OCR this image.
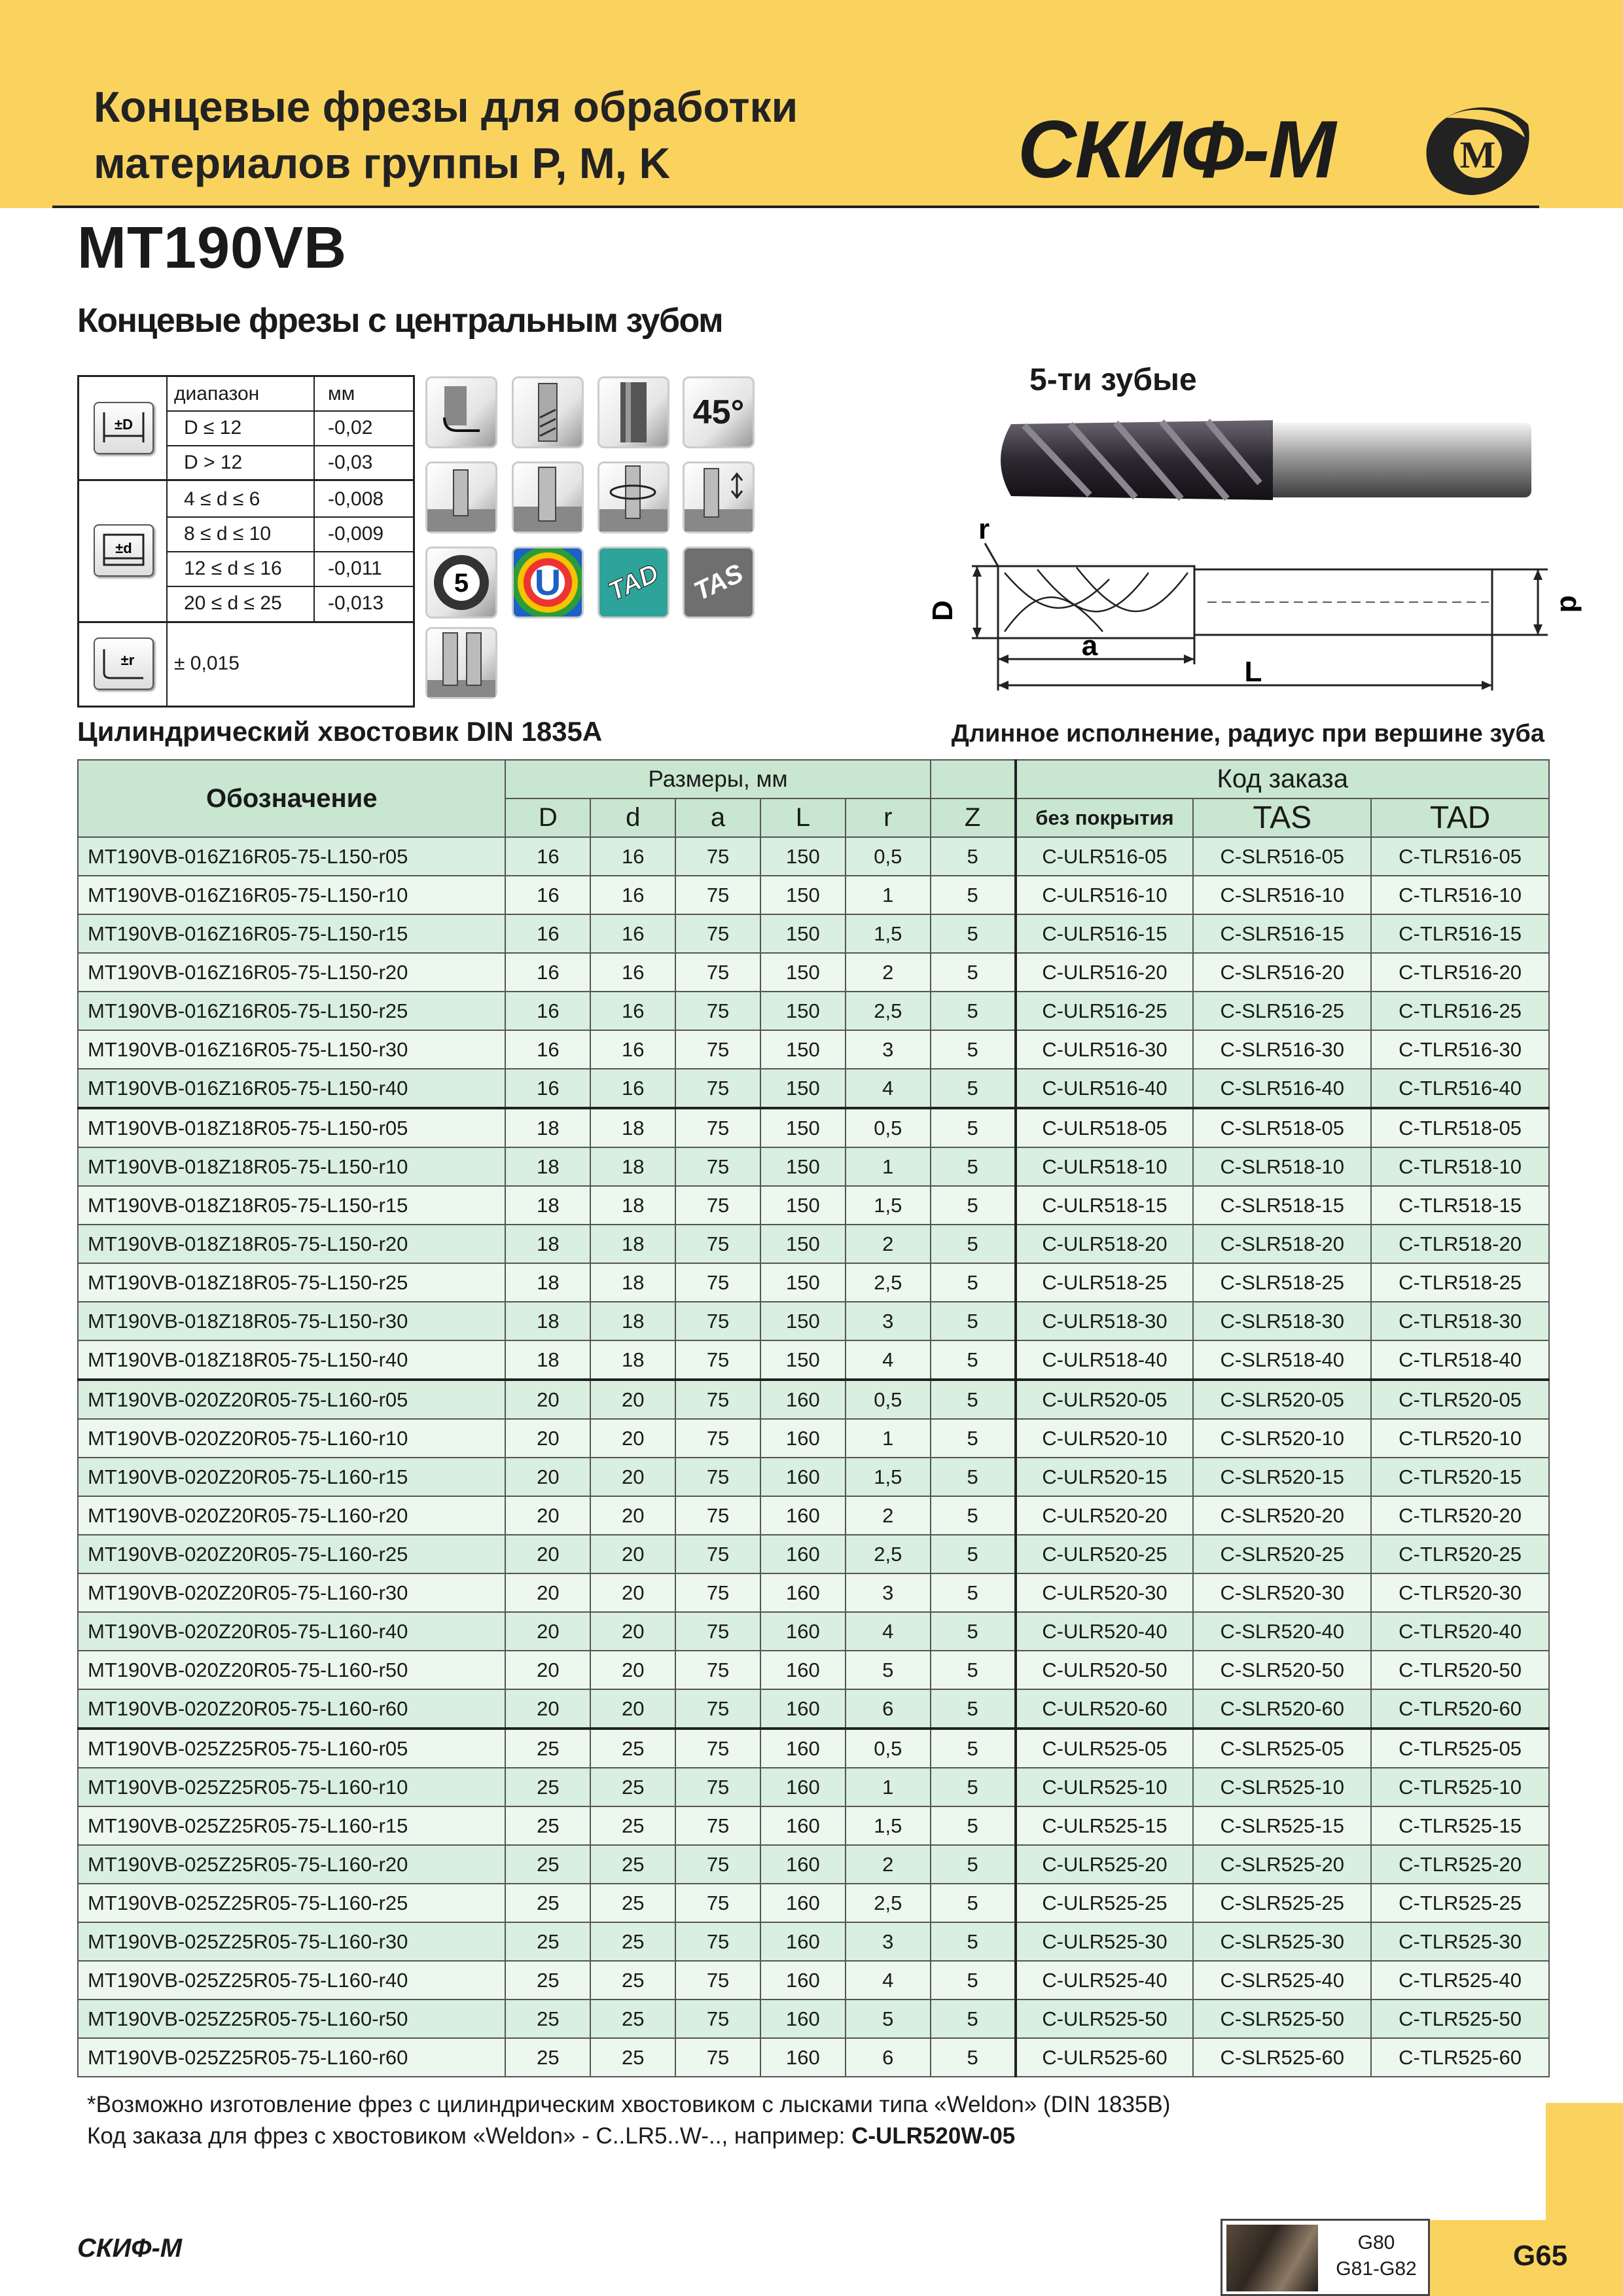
Концевые фрезы для обработки
материалов группы P, M, K	СКИФ-М	M
MT190VB
Концевые фрезы с центральным зубом
±D
диапазон	мм
D ≤ 12	-0,02
D > 12	-0,03
±d
4 ≤ d ≤ 6	-0,008
8 ≤ d ≤ 10	-0,009
12 ≤ d ≤ 16 -0,011
20 ≤ d ≤ 25 -0,013
±r ± 0,015
45°
5	U	TAD	TAS
5-ти зубые
D	d
r
a
L
Цилиндрический хвостовик DIN 1835A	Длинное исполнение, радиус при вершине зуба
Обозначение	Размеры, мм						Код заказа		
	D	d	a	L	r	Z	без покрытия	TAS	TAD
MT190VB-016Z16R05-75-L150-r05	16	16	75	150	0,5	5	C-ULR516-05	C-SLR516-05	C-TLR516-05
MT190VB-016Z16R05-75-L150-r10	16	16	75	150	1	5	C-ULR516-10	C-SLR516-10	C-TLR516-10
MT190VB-016Z16R05-75-L150-r15	16	16	75	150	1,5	5	C-ULR516-15	C-SLR516-15	C-TLR516-15
MT190VB-016Z16R05-75-L150-r20	16	16	75	150	2	5	C-ULR516-20	C-SLR516-20	C-TLR516-20
MT190VB-016Z16R05-75-L150-r25	16	16	75	150	2,5	5	C-ULR516-25	C-SLR516-25	C-TLR516-25
MT190VB-016Z16R05-75-L150-r30	16	16	75	150	3	5	C-ULR516-30	C-SLR516-30	C-TLR516-30
MT190VB-016Z16R05-75-L150-r40	16	16	75	150	4	5	C-ULR516-40	C-SLR516-40	C-TLR516-40
MT190VB-018Z18R05-75-L150-r05	18	18	75	150	0,5	5	C-ULR518-05	C-SLR518-05	C-TLR518-05
MT190VB-018Z18R05-75-L150-r10	18	18	75	150	1	5	C-ULR518-10	C-SLR518-10	C-TLR518-10
MT190VB-018Z18R05-75-L150-r15	18	18	75	150	1,5	5	C-ULR518-15	C-SLR518-15	C-TLR518-15
MT190VB-018Z18R05-75-L150-r20	18	18	75	150	2	5	C-ULR518-20	C-SLR518-20	C-TLR518-20
MT190VB-018Z18R05-75-L150-r25	18	18	75	150	2,5	5	C-ULR518-25	C-SLR518-25	C-TLR518-25
MT190VB-018Z18R05-75-L150-r30	18	18	75	150	3	5	C-ULR518-30	C-SLR518-30	C-TLR518-30
MT190VB-018Z18R05-75-L150-r40	18	18	75	150	4	5	C-ULR518-40	C-SLR518-40	C-TLR518-40
MT190VB-020Z20R05-75-L160-r05	20	20	75	160	0,5	5	C-ULR520-05	C-SLR520-05	C-TLR520-05
MT190VB-020Z20R05-75-L160-r10	20	20	75	160	1	5	C-ULR520-10	C-SLR520-10	C-TLR520-10
MT190VB-020Z20R05-75-L160-r15	20	20	75	160	1,5	5	C-ULR520-15	C-SLR520-15	C-TLR520-15
MT190VB-020Z20R05-75-L160-r20	20	20	75	160	2	5	C-ULR520-20	C-SLR520-20	C-TLR520-20
MT190VB-020Z20R05-75-L160-r25	20	20	75	160	2,5	5	C-ULR520-25	C-SLR520-25	C-TLR520-25
MT190VB-020Z20R05-75-L160-r30	20	20	75	160	3	5	C-ULR520-30	C-SLR520-30	C-TLR520-30
MT190VB-020Z20R05-75-L160-r40	20	20	75	160	4	5	C-ULR520-40	C-SLR520-40	C-TLR520-40
MT190VB-020Z20R05-75-L160-r50	20	20	75	160	5	5	C-ULR520-50	C-SLR520-50	C-TLR520-50
MT190VB-020Z20R05-75-L160-r60	20	20	75	160	6	5	C-ULR520-60	C-SLR520-60	C-TLR520-60
MT190VB-025Z25R05-75-L160-r05	25	25	75	160	0,5	5	C-ULR525-05	C-SLR525-05	C-TLR525-05
MT190VB-025Z25R05-75-L160-r10	25	25	75	160	1	5	C-ULR525-10	C-SLR525-10	C-TLR525-10
MT190VB-025Z25R05-75-L160-r15	25	25	75	160	1,5	5	C-ULR525-15	C-SLR525-15	C-TLR525-15
MT190VB-025Z25R05-75-L160-r20	25	25	75	160	2	5	C-ULR525-20	C-SLR525-20	C-TLR525-20
MT190VB-025Z25R05-75-L160-r25	25	25	75	160	2,5	5	C-ULR525-25	C-SLR525-25	C-TLR525-25
MT190VB-025Z25R05-75-L160-r30	25	25	75	160	3	5	C-ULR525-30	C-SLR525-30	C-TLR525-30
MT190VB-025Z25R05-75-L160-r40	25	25	75	160	4	5	C-ULR525-40	C-SLR525-40	C-TLR525-40
MT190VB-025Z25R05-75-L160-r50	25	25	75	160	5	5	C-ULR525-50	C-SLR525-50	C-TLR525-50
MT190VB-025Z25R05-75-L160-r60	25	25	75	160	6	5	C-ULR525-60	C-SLR525-60	C-TLR525-60
*Возможно изготовление фрез с цилиндрическим хвостовиком с лысками типа «Weldon» (DIN 1835B)
Код заказа для фрез с хвостовиком «Weldon» - C..LR5..W-.., например: C-ULR520W-05
СКИФ-М	G80
G81-G82	G65
